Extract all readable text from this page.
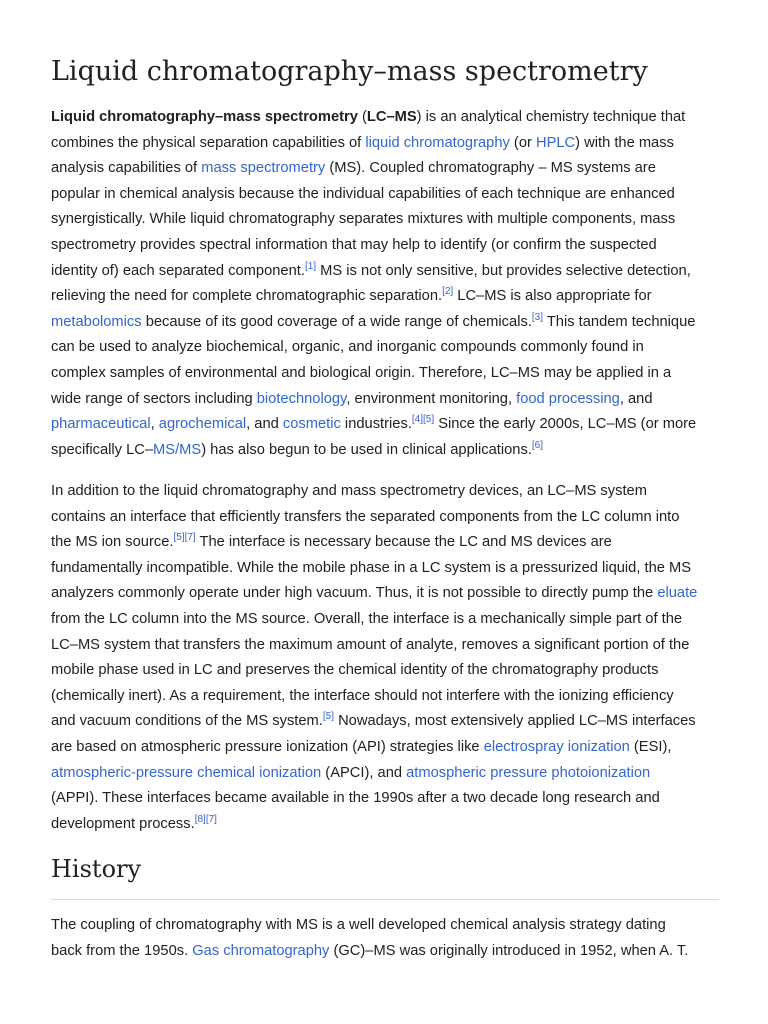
Liquid chromatography–mass spectrometry
Liquid chromatography–mass spectrometry (LC–MS) is an analytical chemistry technique that
combines the physical separation capabilities of liquid chromatography (or HPLC) with the mass
analysis capabilities of mass spectrometry (MS). Coupled chromatography – MS systems are
popular in chemical analysis because the individual capabilities of each technique are enhanced
synergistically. While liquid chromatography separates mixtures with multiple components, mass
spectrometry provides spectral information that may help to identify (or confirm the suspected
identity of) each separated component.[1] MS is not only sensitive, but provides selective detection,
relieving the need for complete chromatographic separation.[2] LC–MS is also appropriate for
metabolomics because of its good coverage of a wide range of chemicals.[3] This tandem technique
can be used to analyze biochemical, organic, and inorganic compounds commonly found in
complex samples of environmental and biological origin. Therefore, LC–MS may be applied in a
wide range of sectors including biotechnology, environment monitoring, food processing, and
pharmaceutical, agrochemical, and cosmetic industries.[4][5] Since the early 2000s, LC–MS (or more
specifically LC–MS/MS) has also begun to be used in clinical applications.[6]
In addition to the liquid chromatography and mass spectrometry devices, an LC–MS system
contains an interface that efficiently transfers the separated components from the LC column into
the MS ion source.[5][7] The interface is necessary because the LC and MS devices are
fundamentally incompatible. While the mobile phase in a LC system is a pressurized liquid, the MS
analyzers commonly operate under high vacuum. Thus, it is not possible to directly pump the eluate
from the LC column into the MS source. Overall, the interface is a mechanically simple part of the
LC–MS system that transfers the maximum amount of analyte, removes a significant portion of the
mobile phase used in LC and preserves the chemical identity of the chromatography products
(chemically inert). As a requirement, the interface should not interfere with the ionizing efficiency
and vacuum conditions of the MS system.[5] Nowadays, most extensively applied LC–MS interfaces
are based on atmospheric pressure ionization (API) strategies like electrospray ionization (ESI),
atmospheric-pressure chemical ionization (APCI), and atmospheric pressure photoionization
(APPI). These interfaces became available in the 1990s after a two decade long research and
development process.[8][7]
History
The coupling of chromatography with MS is a well developed chemical analysis strategy dating
back from the 1950s. Gas chromatography (GC)–MS was originally introduced in 1952, when A. T.
